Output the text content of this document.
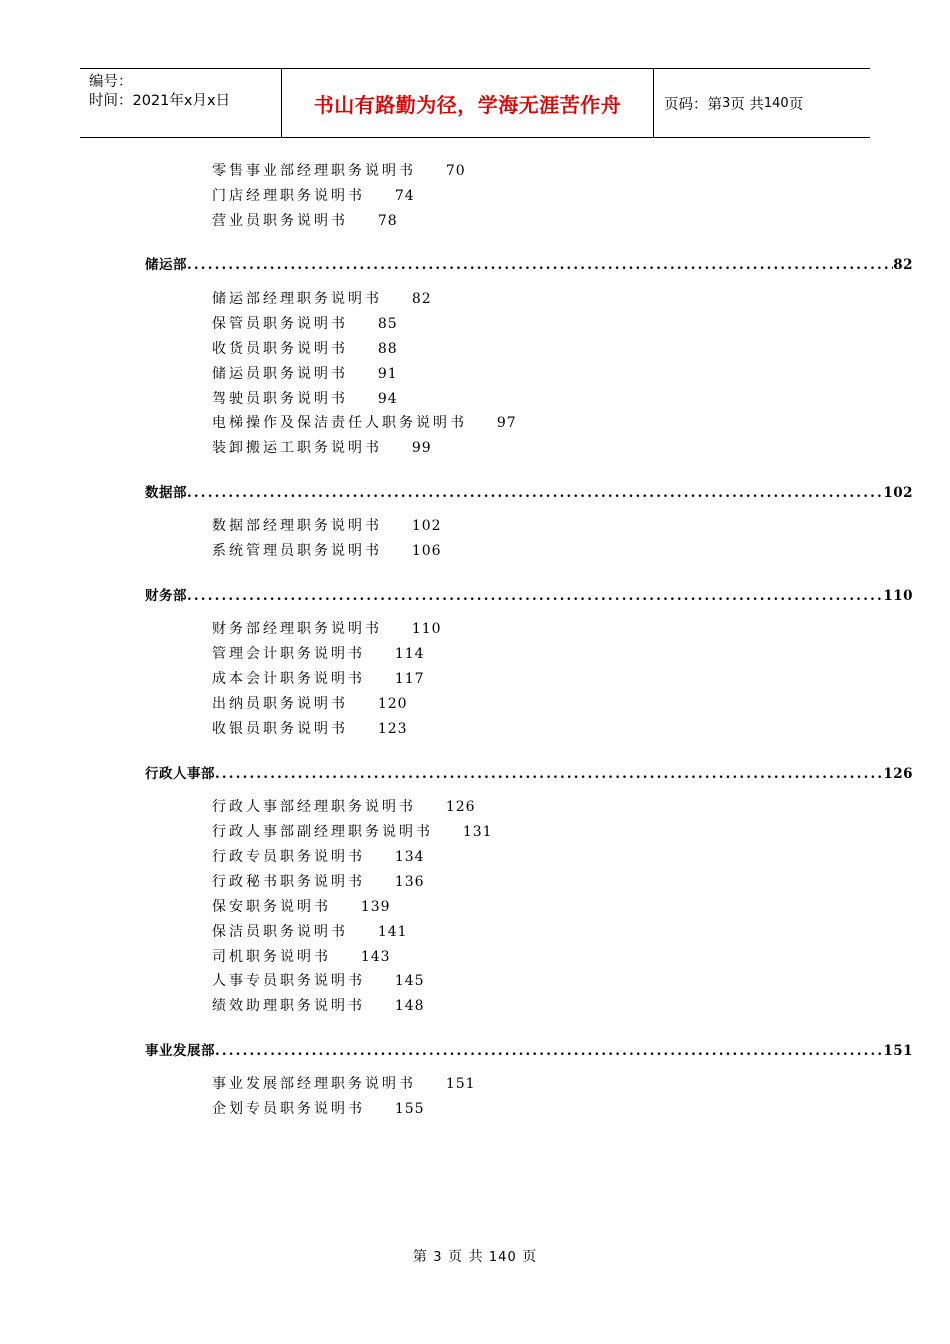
编号：
时间：2021年x月x日	书山有路勤为径，学海无涯苦作舟	页码：第 3 页 共 140 页
零售事业部经理职务说明书 70
门店经理职务说明书 74
营业员职务说明书 78
储运部 .....	82
储运部经理职务说明书 82
保管员职务说明书 85
收货员职务说明书 88
储运员职务说明书 91
驾驶员职务说明书 94
电梯操作及保洁责任人职务说明书 97
装卸搬运工职务说明书 99
数据部 .....	102
数据部经理职务说明书 102
系统管理员职务说明书 106
财务部 .....	110
财务部经理职务说明书 110
管理会计职务说明书 114
成本会计职务说明书 117
出纳员职务说明书 120
收银员职务说明书 123
行政人事部 .....	126
行政人事部经理职务说明书 126
行政人事部副经理职务说明书 131
行政专员职务说明书 134
行政秘书职务说明书 136
保安职务说明书 139
保洁员职务说明书 141
司机职务说明书 143
人事专员职务说明书 145
绩效助理职务说明书 148
事业发展部 .....	151
事业发展部经理职务说明书 151
企划专员职务说明书 155
第 3 页 共 140 页
